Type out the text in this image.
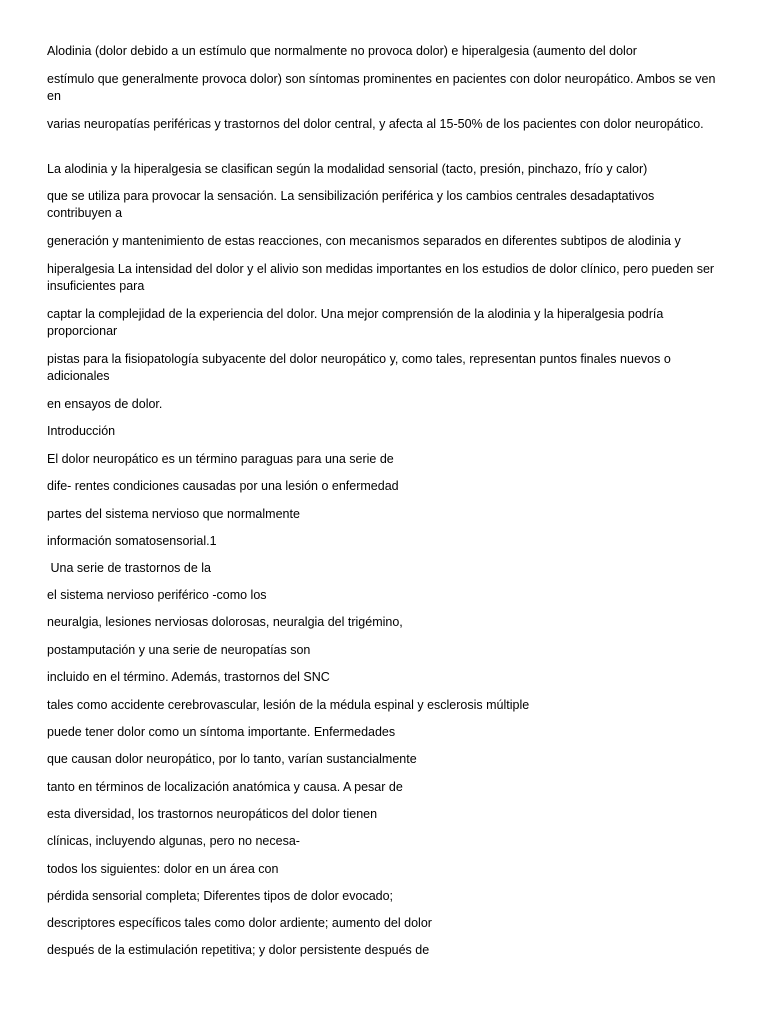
Alodinia (dolor debido a un estímulo que normalmente no provoca dolor) e hiperalgesia (aumento del dolor

estímulo que generalmente provoca dolor) son síntomas prominentes en pacientes con dolor neuropático. Ambos se ven en

varias neuropatías periféricas y trastornos del dolor central, y afecta al 15-50% de los pacientes con dolor neuropático.

La alodinia y la hiperalgesia se clasifican según la modalidad sensorial (tacto, presión, pinchazo, frío y calor)

que se utiliza para provocar la sensación. La sensibilización periférica y los cambios centrales desadaptativos contribuyen a

generación y mantenimiento de estas reacciones, con mecanismos separados en diferentes subtipos de alodinia y

hiperalgesia La intensidad del dolor y el alivio son medidas importantes en los estudios de dolor clínico, pero pueden ser insuficientes para

captar la complejidad de la experiencia del dolor. Una mejor comprensión de la alodinia y la hiperalgesia podría proporcionar

pistas para la fisiopatología subyacente del dolor neuropático y, como tales, representan puntos finales nuevos o adicionales

en ensayos de dolor.

Introducción

El dolor neuropático es un término paraguas para una serie de

dife- rentes condiciones causadas por una lesión o enfermedad

partes del sistema nervioso que normalmente

información somatosensorial.1

Una serie de trastornos de la

el sistema nervioso periférico -como los

neuralgia, lesiones nerviosas dolorosas, neuralgia del trigémino,

postamputación y una serie de neuropatías son

incluido en el término. Además, trastornos del SNC

tales como accidente cerebrovascular, lesión de la médula espinal y esclerosis múltiple

puede tener dolor como un síntoma importante. Enfermedades

que causan dolor neuropático, por lo tanto, varían sustancialmente

tanto en términos de localización anatómica y causa. A pesar de

esta diversidad, los trastornos neuropáticos del dolor tienen

clínicas, incluyendo algunas, pero no necesa-

todos los siguientes: dolor en un área con

pérdida sensorial completa; Diferentes tipos de dolor evocado;

descriptores específicos tales como dolor ardiente; aumento del dolor

después de la estimulación repetitiva; y dolor persistente después de
